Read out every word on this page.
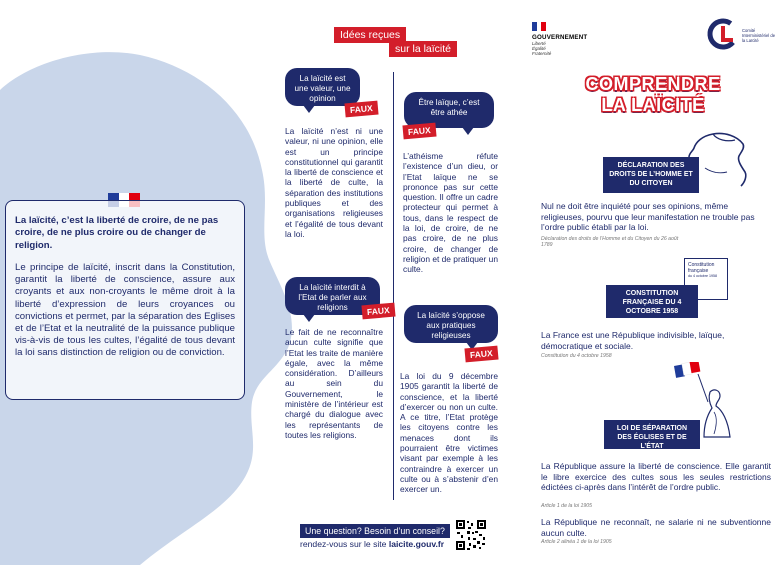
La laïcité, c’est la liberté de croire, de ne pas croire, de ne plus croire ou de changer de religion.

Le principe de laïcité, inscrit dans la Constitution, garantit la liberté de conscience, assure aux croyants et aux non-croyants le même droit à la liberté d’expression de leurs croyances ou convictions et permet, par la séparation des Eglises et de l’Etat et la neutralité de la puissance publique vis-à-vis de tous les cultes, l’égalité de tous devant la loi sans distinction de religion ou de conviction.

Idées reçues
sur la laïcité
La laïcité est une valeur, une opinion
FAUX

La laïcité n’est ni une valeur, ni une opinion, elle est un principe constitutionnel qui garantit la liberté de conscience et la liberté de culte, la séparation des institutions publiques et des organisations religieuses et l’égalité de tous devant la loi.

Être laïque, c’est être athée
FAUX

L’athéisme réfute l’existence d’un dieu, or l’Etat laïque ne se prononce pas sur cette question. Il offre un cadre protecteur qui permet à tous, dans le respect de la loi, de croire, de ne pas croire, de ne plus croire, de changer de religion et de pratiquer un culte.

La laïcité interdit à l’Etat de parler aux religions	FAUX

Le fait de ne reconnaître aucun culte signifie que l’Etat les traite de manière égale, avec la même considération. D’ailleurs au sein du Gouvernement, le ministère de l’intérieur est chargé du dialogue avec les représentants de toutes les religions.

La laïcité s’oppose aux pratiques religieuses
FAUX

La loi du 9 décembre 1905 garantit la liberté de conscience, et la liberté d’exercer ou non un culte. A ce titre, l’Etat protège les citoyens contre les menaces dont ils pourraient être victimes visant par exemple à les contraindre à exercer un culte ou à s’abstenir d’en exercer un.

Une question? Besoin d’un conseil?
rendez-vous sur le site laicite.gouv.fr
GOUVERNEMENT
Liberté
Égalité
Fraternité
Comité Interministériel de la Laïcité
COMPRENDRE
LA LAÏCITÉ
DÉCLARATION DES DROITS DE L’HOMME ET DU CITOYEN

Nul ne doit être inquiété pour ses opinions, même religieuses, pourvu que leur manifestation ne trouble pas l’ordre public établi par la loi.

Déclaration des droits de l’Homme et du Citoyen du 26 août 1789

Constitution française
du 4 octobre 1958
CONSTITUTION FRANÇAISE DU 4 OCTOBRE 1958

La France est une République indivisible, laïque, démocratique et sociale.

Constitution du 4 octobre 1958

LOI DE SÉPARATION DES ÉGLISES ET DE L’ÉTAT

La République assure la liberté de conscience. Elle garantit le libre exercice des cultes sous les seules restrictions édictées ci-après dans l’intérêt de l’ordre public.

Article 1 de la loi 1905

La République ne reconnaît, ne salarie ni ne subventionne aucun culte.

Article 2 alinéa 1 de la loi 1905
